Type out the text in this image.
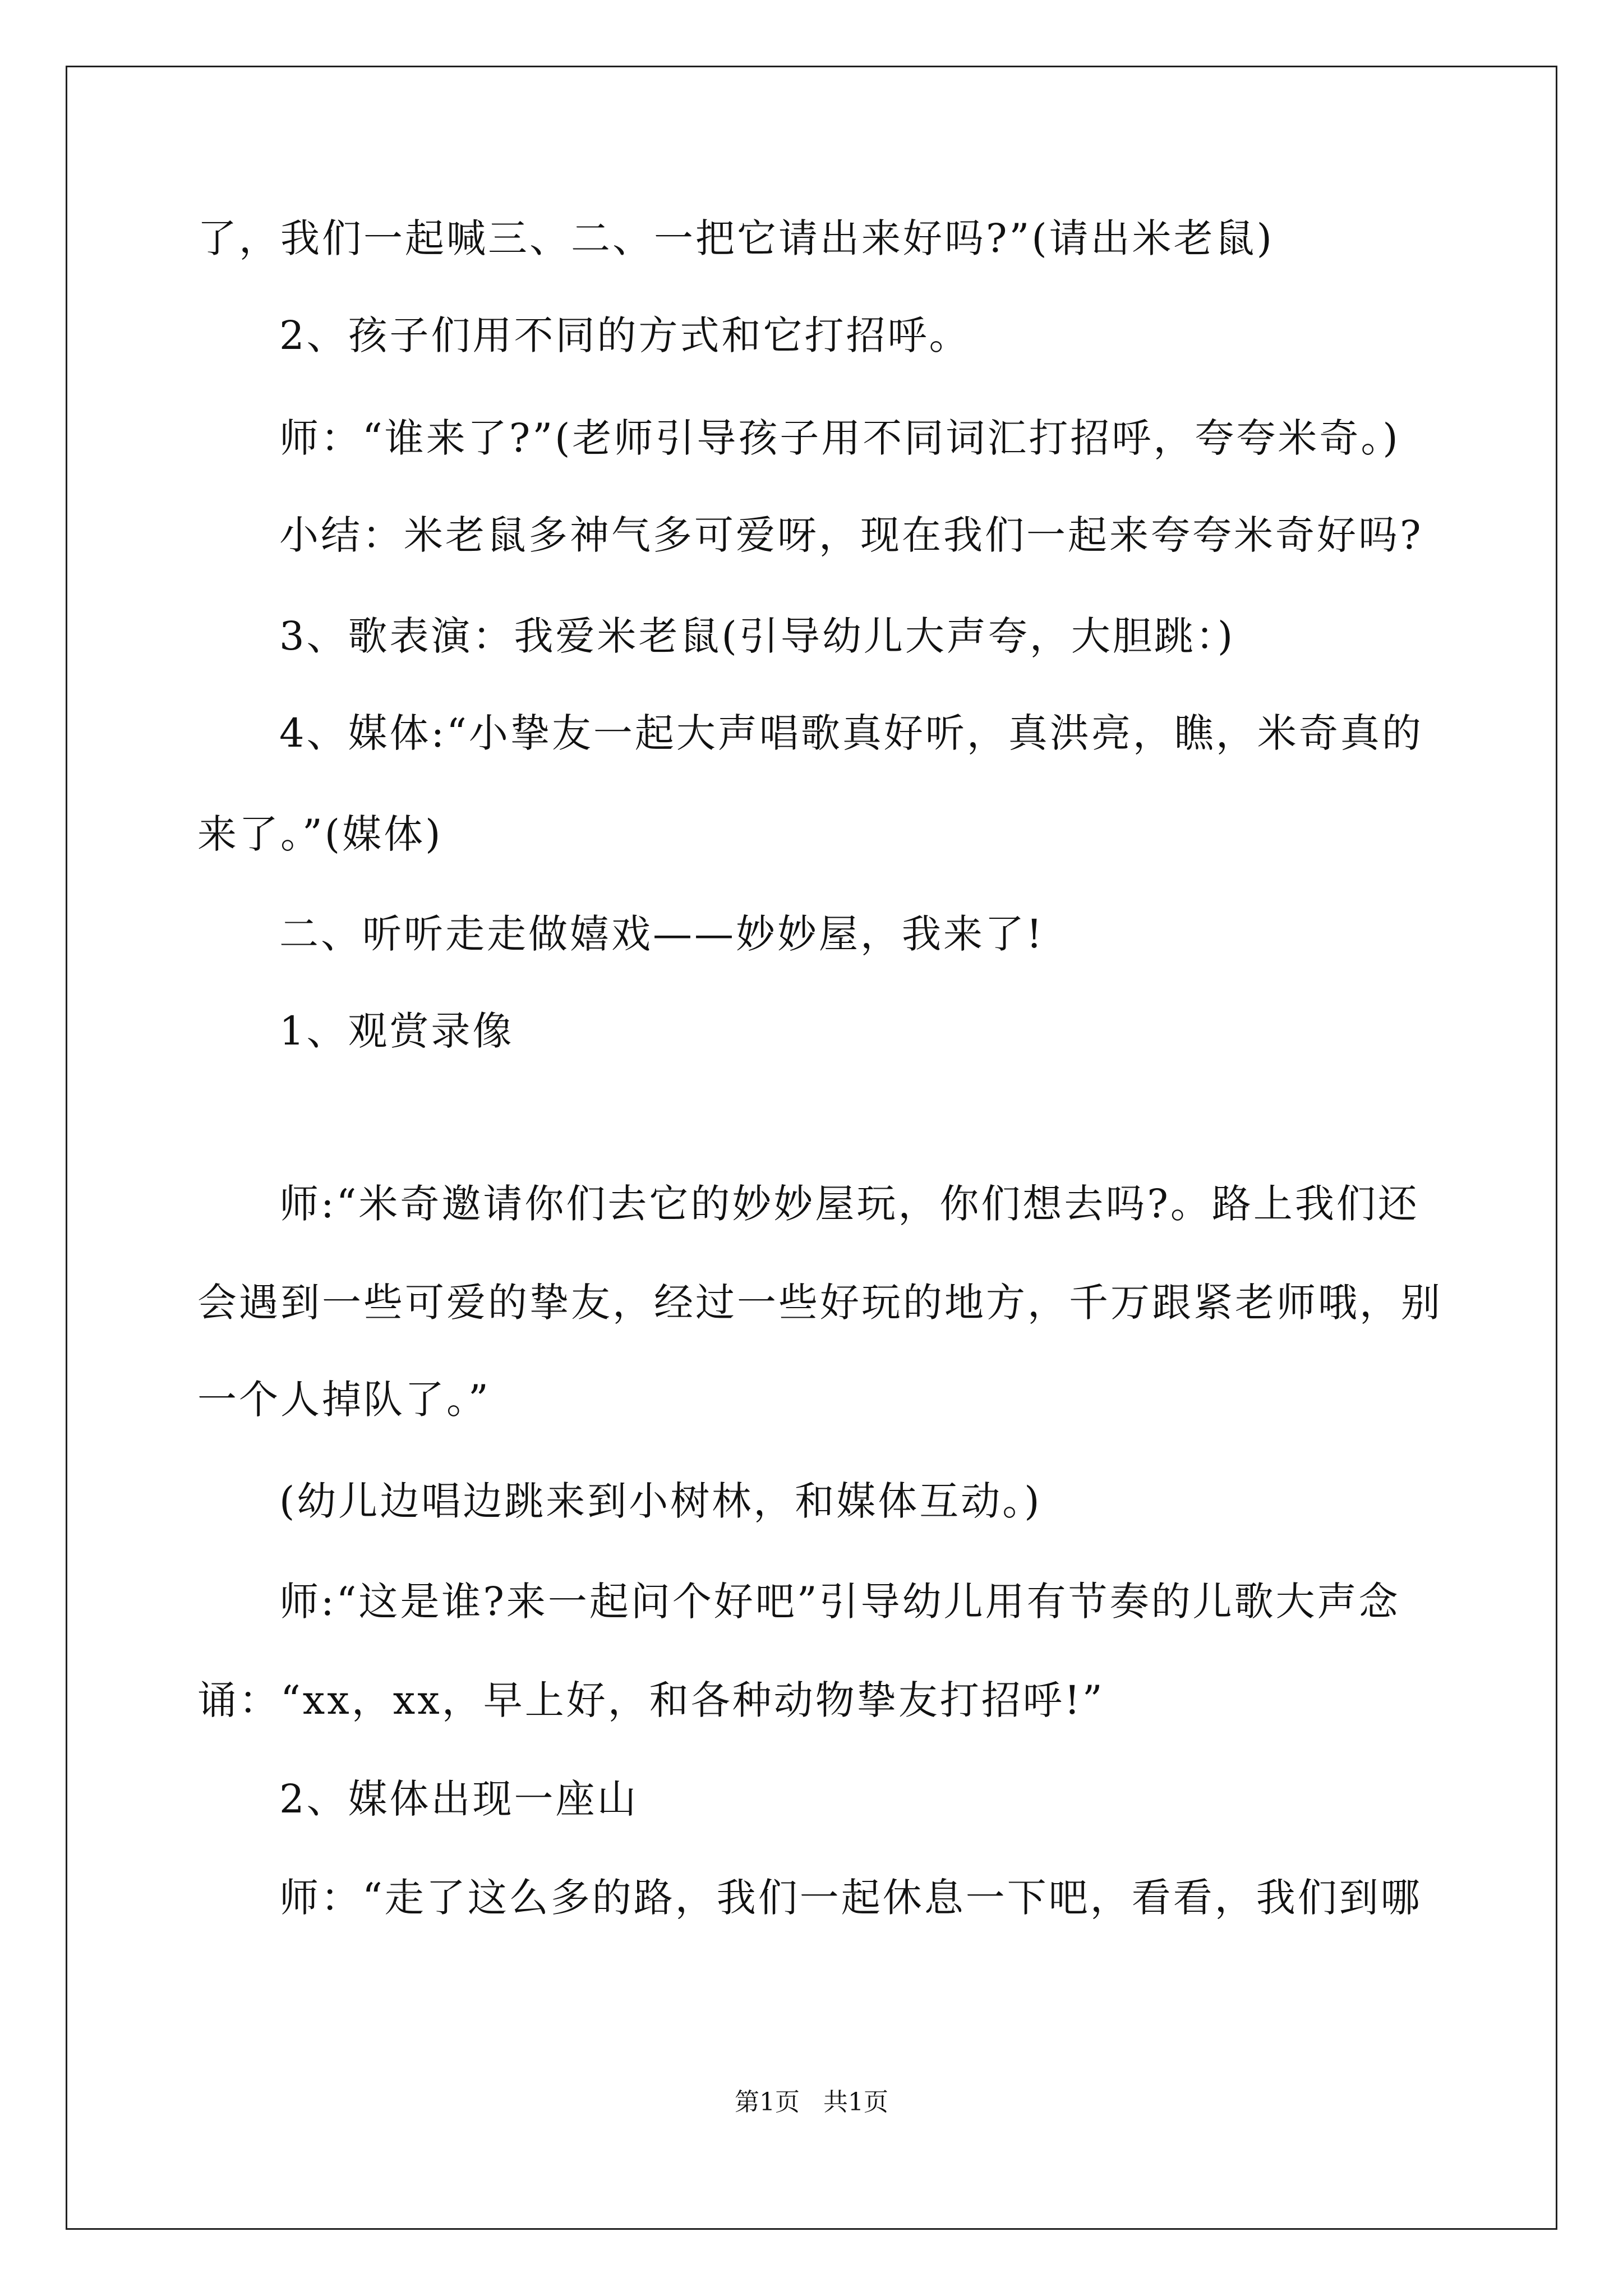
了，我们一起喊三、二、一把它请出来好吗?”(请出米老鼠)
2、孩子们用不同的方式和它打招呼。
师：“谁来了?”(老师引导孩子用不同词汇打招呼，夸夸米奇。)
小结：米老鼠多神气多可爱呀，现在我们一起来夸夸米奇好吗?
3、歌表演：我爱米老鼠(引导幼儿大声夸，大胆跳：)
4、媒体:“小挚友一起大声唱歌真好听，真洪亮，瞧，米奇真的
来了。”(媒体)
二、听听走走做嬉戏——妙妙屋，我来了!
1、观赏录像
师:“米奇邀请你们去它的妙妙屋玩，你们想去吗?。路上我们还
会遇到一些可爱的挚友，经过一些好玩的地方，千万跟紧老师哦，别
一个人掉队了。”
(幼儿边唱边跳来到小树林，和媒体互动。)
师:“这是谁?来一起问个好吧”引导幼儿用有节奏的儿歌大声念
诵：“xx，xx，早上好，和各种动物挚友打招呼!”
2、媒体出现一座山
师：“走了这么多的路，我们一起休息一下吧，看看，我们到哪
第1页   共1页
